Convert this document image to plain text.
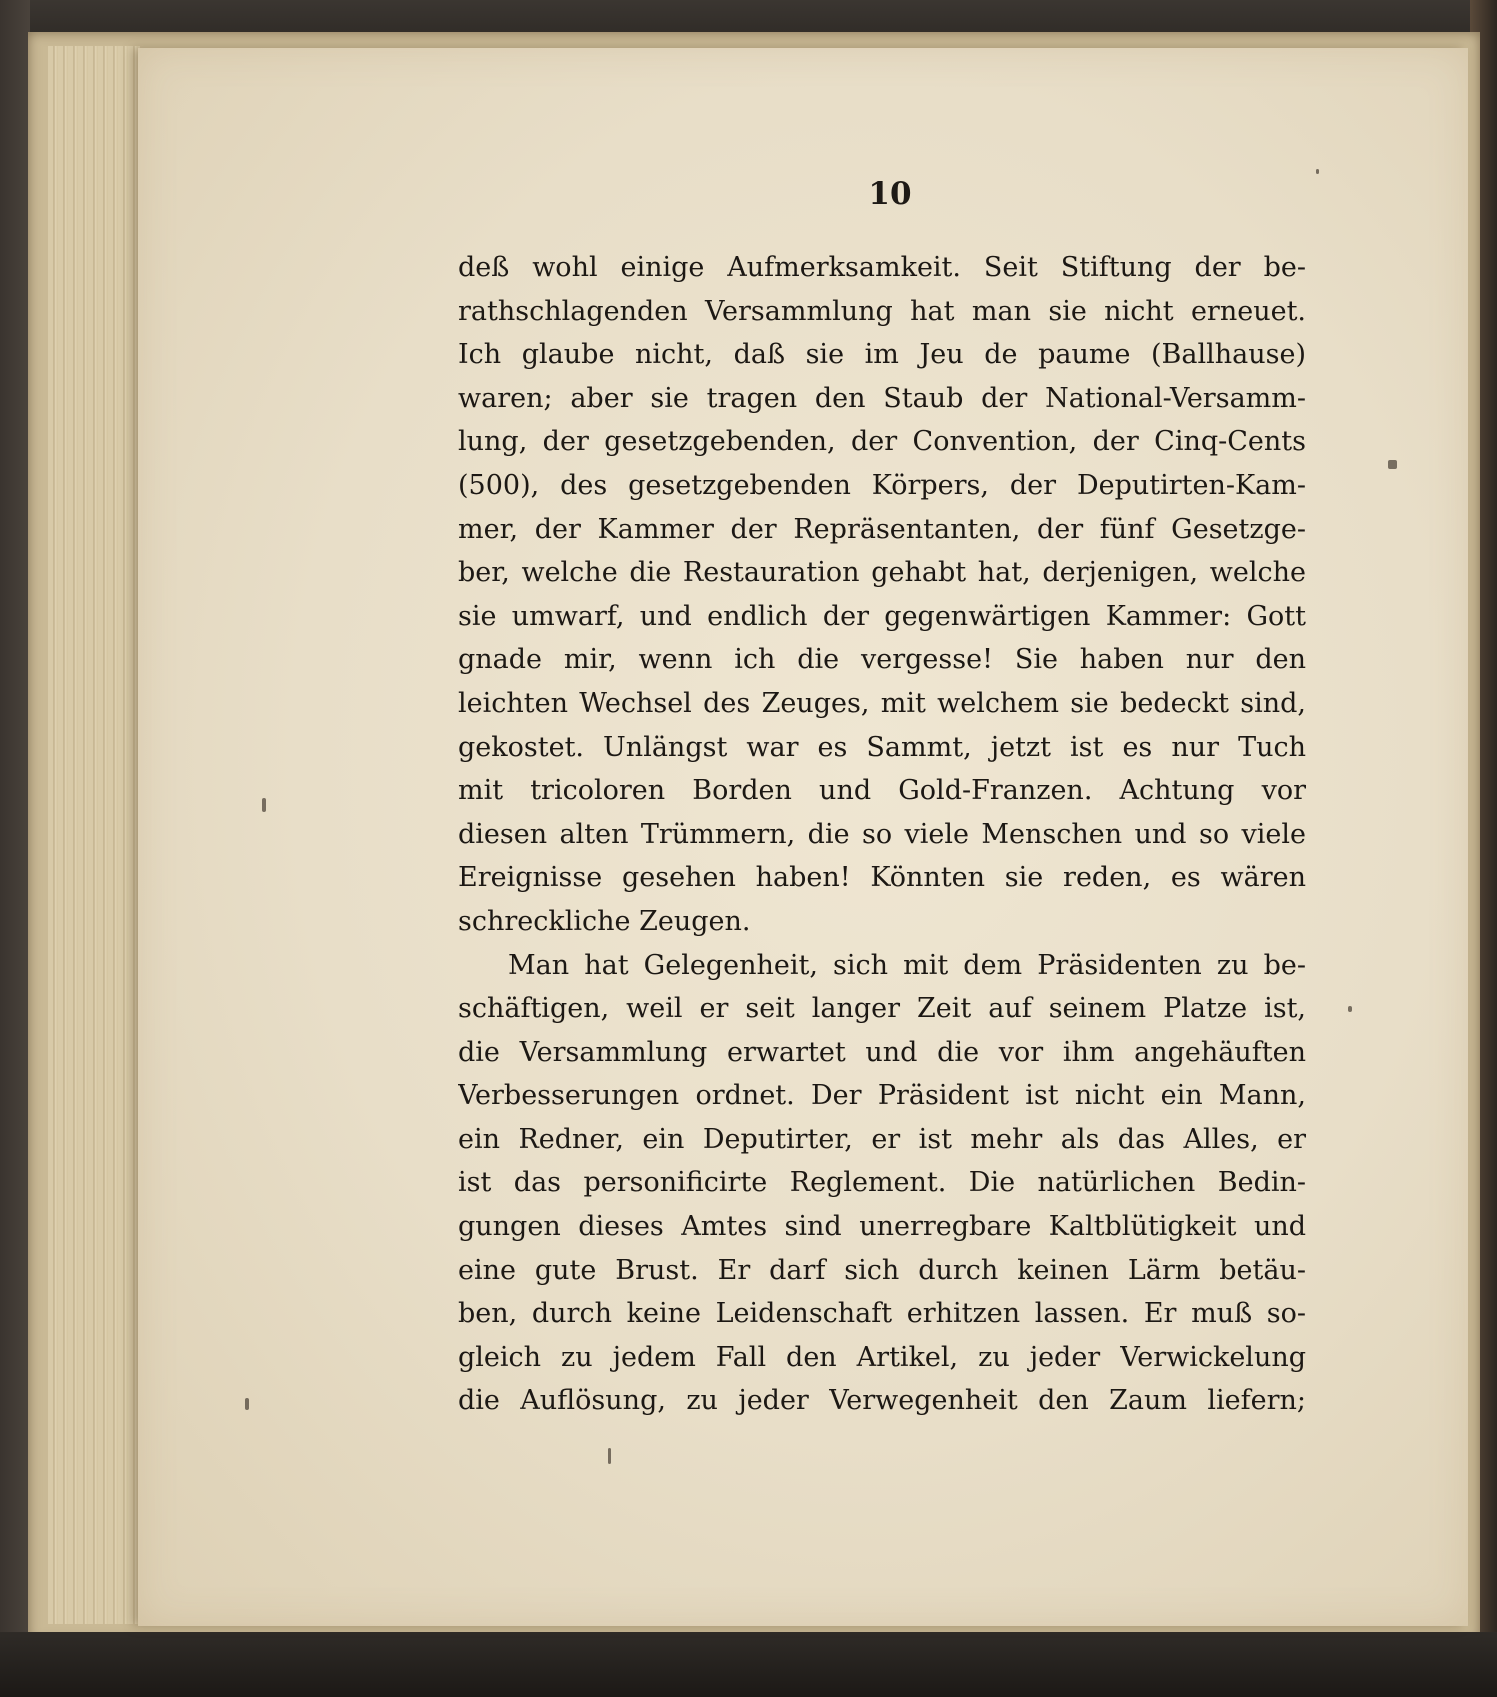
10
deß wohl einige Aufmerksamkeit. Seit Stiftung der be-
rathschlagenden Versammlung hat man sie nicht erneuet.
Ich glaube nicht, daß sie im Jeu de paume (Ballhause)
waren; aber sie tragen den Staub der National-Versamm-
lung, der gesetzgebenden, der Convention, der Cinq-Cents
(500), des gesetzgebenden Körpers, der Deputirten-Kam-
mer, der Kammer der Repräsentanten, der fünf Gesetzge-
ber, welche die Restauration gehabt hat, derjenigen, welche
sie umwarf, und endlich der gegenwärtigen Kammer: Gott
gnade mir, wenn ich die vergesse! Sie haben nur den
leichten Wechsel des Zeuges, mit welchem sie bedeckt sind,
gekostet. Unlängst war es Sammt, jetzt ist es nur Tuch
mit tricoloren Borden und Gold-Franzen. Achtung vor
diesen alten Trümmern, die so viele Menschen und so viele
Ereignisse gesehen haben! Könnten sie reden, es wären
schreckliche Zeugen.
Man hat Gelegenheit, sich mit dem Präsidenten zu be-
schäftigen, weil er seit langer Zeit auf seinem Platze ist,
die Versammlung erwartet und die vor ihm angehäuften
Verbesserungen ordnet. Der Präsident ist nicht ein Mann,
ein Redner, ein Deputirter, er ist mehr als das Alles, er
ist das personificirte Reglement. Die natürlichen Bedin-
gungen dieses Amtes sind unerregbare Kaltblütigkeit und
eine gute Brust. Er darf sich durch keinen Lärm betäu-
ben, durch keine Leidenschaft erhitzen lassen. Er muß so-
gleich zu jedem Fall den Artikel, zu jeder Verwickelung
die Auflösung, zu jeder Verwegenheit den Zaum liefern;
